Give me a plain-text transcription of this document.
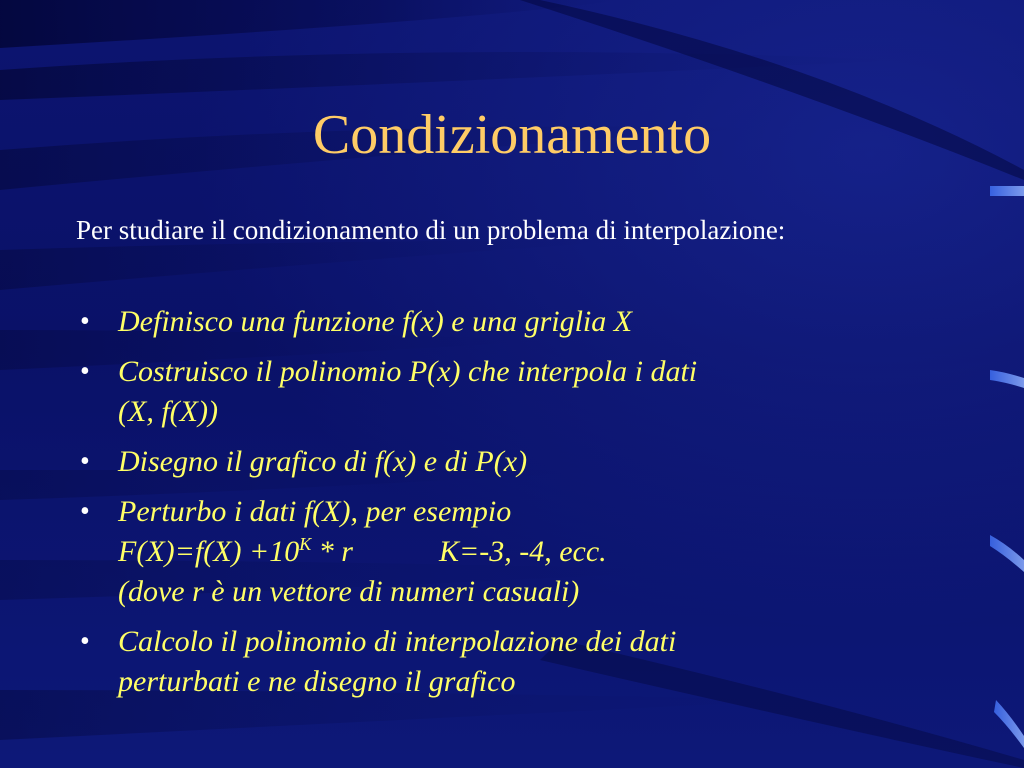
Condizionamento
Per studiare il condizionamento di un problema di interpolazione:
• Definisco una funzione f(x) e una griglia X
• Costruisco il polinomio P(x) che interpola i dati
(X, f(X))
• Disegno il grafico di f(x) e di P(x)
• Perturbo i dati f(X), per esempio
$F(X)=f(X) +10^K * r$	K=-3, -4, ecc.
(dove r è un vettore di numeri casuali)
• Calcolo il polinomio di interpolazione dei dati
perturbati e ne disegno il grafico
